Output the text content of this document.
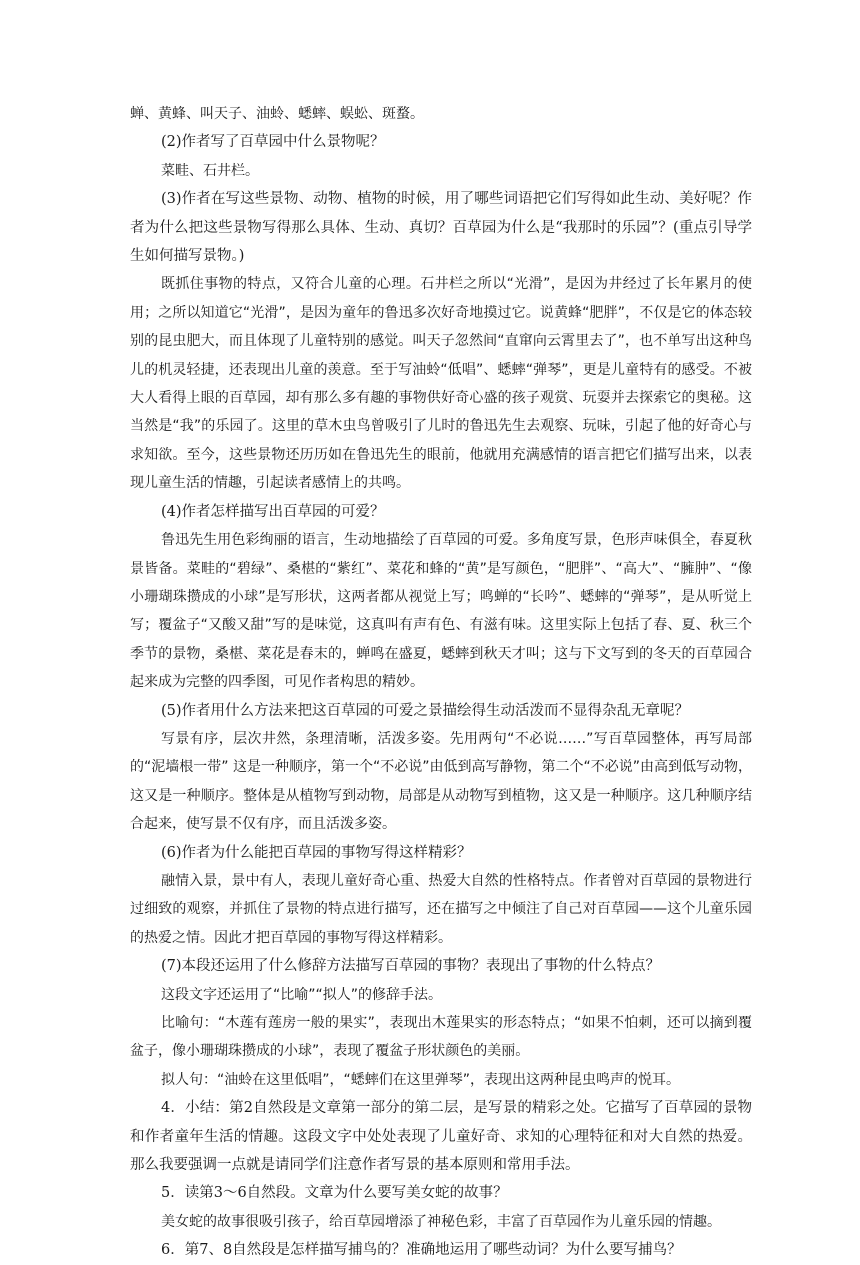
蝉、黄蜂、叫天子、油蛉、蟋蟀、蜈蚣、斑蝥。

(2)作者写了百草园中什么景物呢？

菜畦、石井栏。

(3)作者在写这些景物、动物、植物的时候，用了哪些词语把它们写得如此生动、美好呢？作者为什么把这些景物写得那么具体、生动、真切？百草园为什么是“我那时的乐园”？(重点引导学生如何描写景物。)

既抓住事物的特点，又符合儿童的心理。石井栏之所以“光滑”，是因为井经过了长年累月的使用；之所以知道它“光滑”，是因为童年的鲁迅多次好奇地摸过它。说黄蜂“肥胖”，不仅是它的体态较别的昆虫肥大，而且体现了儿童特别的感觉。叫天子忽然间“直窜向云霄里去了”，也不单写出这种鸟儿的机灵轻捷，还表现出儿童的羡意。至于写油蛉“低唱”、蟋蟀“弹琴”，更是儿童特有的感受。不被大人看得上眼的百草园，却有那么多有趣的事物供好奇心盛的孩子观赏、玩耍并去探索它的奥秘。这当然是“我”的乐园了。这里的草木虫鸟曾吸引了儿时的鲁迅先生去观察、玩味，引起了他的好奇心与求知欲。至今，这些景物还历历如在鲁迅先生的眼前，他就用充满感情的语言把它们描写出来，以表现儿童生活的情趣，引起读者感情上的共鸣。

(4)作者怎样描写出百草园的可爱？

鲁迅先生用色彩绚丽的语言，生动地描绘了百草园的可爱。多角度写景，色形声味俱全，春夏秋景皆备。菜畦的“碧绿”、桑椹的“紫红”、菜花和蜂的“黄”是写颜色，“肥胖”、“高大”、“臃肿”、“像小珊瑚珠攒成的小球”是写形状，这两者都从视觉上写；鸣蝉的“长吟”、蟋蟀的“弹琴”，是从听觉上写；覆盆子“又酸又甜”写的是味觉，这真叫有声有色、有滋有味。这里实际上包括了春、夏、秋三个季节的景物，桑椹、菜花是春末的，蝉鸣在盛夏，蟋蟀到秋天才叫；这与下文写到的冬天的百草园合起来成为完整的四季图，可见作者构思的精妙。

(5)作者用什么方法来把这百草园的可爱之景描绘得生动活泼而不显得杂乱无章呢？

写景有序，层次井然，条理清晰，活泼多姿。先用两句“不必说……”写百草园整体，再写局部的“泥墙根一带” 这是一种顺序，第一个“不必说”由低到高写静物，第二个“不必说”由高到低写动物，这又是一种顺序。整体是从植物写到动物，局部是从动物写到植物，这又是一种顺序。这几种顺序结合起来，使写景不仅有序，而且活泼多姿。

(6)作者为什么能把百草园的事物写得这样精彩？

融情入景，景中有人，表现儿童好奇心重、热爱大自然的性格特点。作者曾对百草园的景物进行过细致的观察，并抓住了景物的特点进行描写，还在描写之中倾注了自己对百草园——这个儿童乐园的热爱之情。因此才把百草园的事物写得这样精彩。

(7)本段还运用了什么修辞方法描写百草园的事物？表现出了事物的什么特点？

这段文字还运用了“比喻”“拟人”的修辞手法。

比喻句：“木莲有莲房一般的果实”，表现出木莲果实的形态特点；“如果不怕刺，还可以摘到覆盆子，像小珊瑚珠攒成的小球”，表现了覆盆子形状颜色的美丽。

拟人句：“油蛉在这里低唱”，“蟋蟀们在这里弹琴”，表现出这两种昆虫鸣声的悦耳。

4．小结：第2自然段是文章第一部分的第二层，是写景的精彩之处。它描写了百草园的景物和作者童年生活的情趣。这段文字中处处表现了儿童好奇、求知的心理特征和对大自然的热爱。那么我要强调一点就是请同学们注意作者写景的基本原则和常用手法。

5．读第3～6自然段。文章为什么要写美女蛇的故事？

美女蛇的故事很吸引孩子，给百草园增添了神秘色彩，丰富了百草园作为儿童乐园的情趣。

6．第7、8自然段是怎样描写捕鸟的？准确地运用了哪些动词？为什么要写捕鸟？
